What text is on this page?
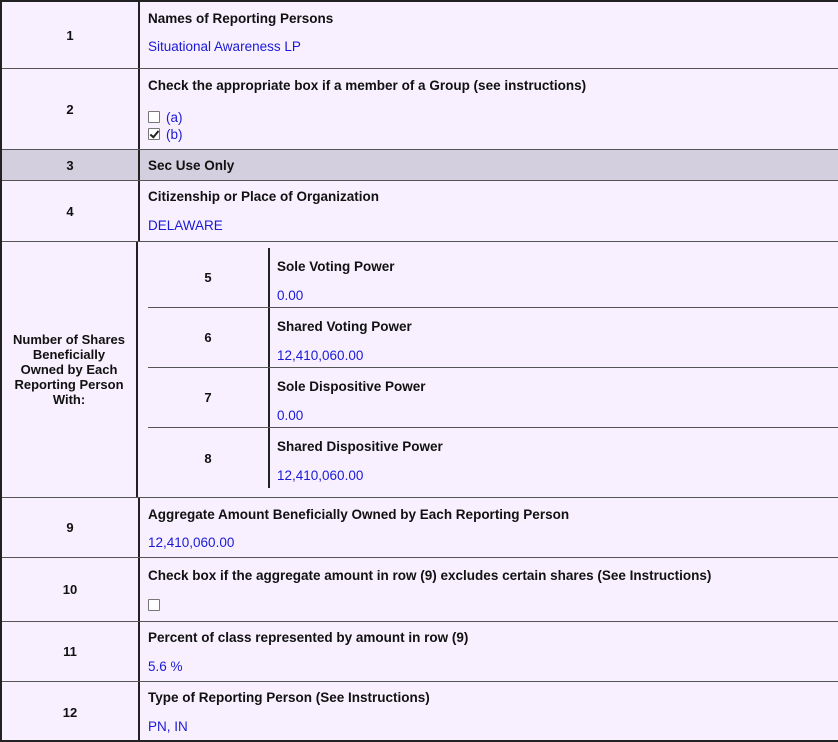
1
Names of Reporting Persons
Situational Awareness LP
2
Check the appropriate box if a member of a Group (see instructions)
(a)
(b)
3	Sec Use Only
4
Citizenship or Place of Organization
DELAWARE
Number of Shares Beneficially Owned by Each Reporting Person With:
5
Sole Voting Power
0.00
6
Shared Voting Power
12,410,060.00
7
Sole Dispositive Power
0.00
8
Shared Dispositive Power
12,410,060.00
9
Aggregate Amount Beneficially Owned by Each Reporting Person
12,410,060.00
10
Check box if the aggregate amount in row (9) excludes certain shares (See Instructions)
11
Percent of class represented by amount in row (9)
5.6 %
12
Type of Reporting Person (See Instructions)
PN, IN
